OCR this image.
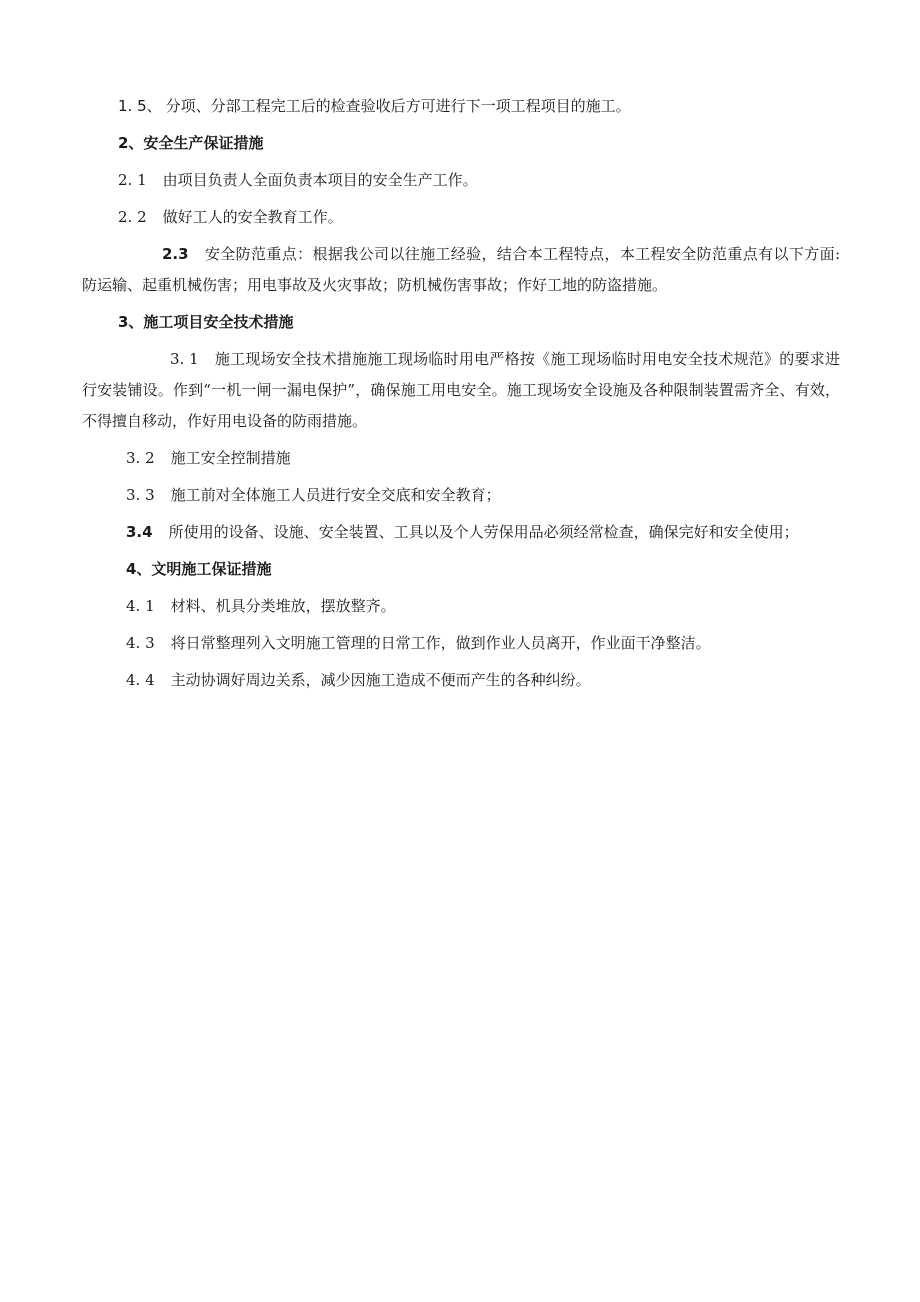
1. 5、 分项、分部工程完工后的检查验收后方可进行下一项工程项目的施工。

2、安全生产保证措施

2. 1 由项目负责人全面负责本项目的安全生产工作。

2. 2 做好工人的安全教育工作。

2.3 安全防范重点：根据我公司以往施工经验，结合本工程特点，本工程安全防范重点有以下方面: 防运输、起重机械伤害；用电事故及火灾事故；防机械伤害事故；作好工地的防盗措施。

3、施工项目安全技术措施

3. 1 施工现场安全技术措施施工现场临时用电严格按《施工现场临时用电安全技术规范》的要求进行安装铺设。作到“一机一闸一漏电保护”，确保施工用电安全。施工现场安全设施及各种限制装置需齐全、有效，不得擅自移动，作好用电设备的防雨措施。

3. 2 施工安全控制措施

3. 3 施工前对全体施工人员进行安全交底和安全教育；

3.4 所使用的设备、设施、安全装置、工具以及个人劳保用品必须经常检查，确保完好和安全使用；

4、文明施工保证措施

4. 1 材料、机具分类堆放，摆放整齐。

4. 3 将日常整理列入文明施工管理的日常工作，做到作业人员离开，作业面干净整洁。

4. 4 主动协调好周边关系，减少因施工造成不便而产生的各种纠纷。
